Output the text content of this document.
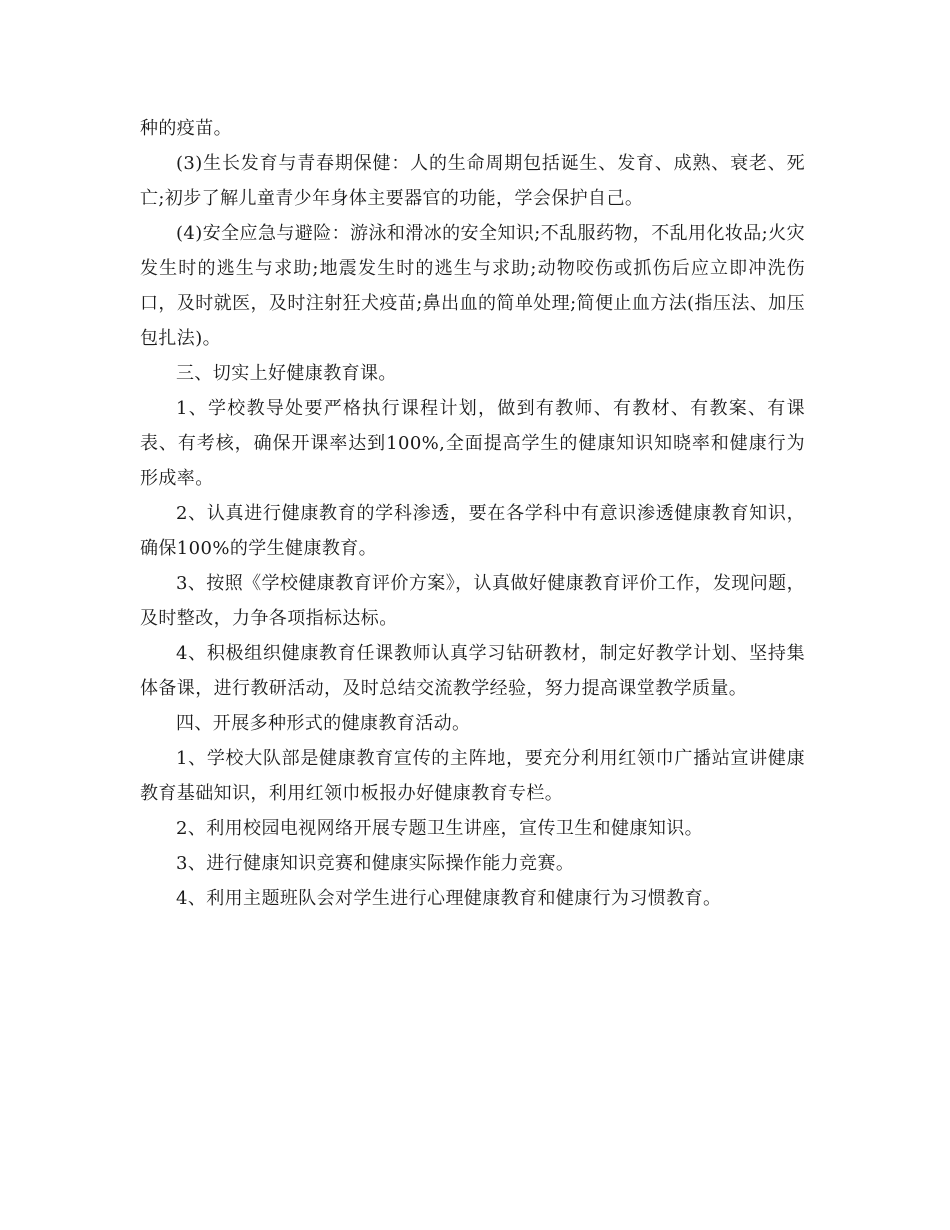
种的疫苗。

(3)生长发育与青春期保健：人的生命周期包括诞生、发育、成熟、衰老、死亡;初步了解儿童青少年身体主要器官的功能，学会保护自己。

(4)安全应急与避险：游泳和滑冰的安全知识;不乱服药物，不乱用化妆品;火灾发生时的逃生与求助;地震发生时的逃生与求助;动物咬伤或抓伤后应立即冲洗伤口，及时就医，及时注射狂犬疫苗;鼻出血的简单处理;简便止血方法(指压法、加压包扎法)。

三、切实上好健康教育课。

1、学校教导处要严格执行课程计划，做到有教师、有教材、有教案、有课表、有考核，确保开课率达到100%,全面提高学生的健康知识知晓率和健康行为形成率。

2、认真进行健康教育的学科渗透，要在各学科中有意识渗透健康教育知识，确保100%的学生健康教育。

3、按照《学校健康教育评价方案》，认真做好健康教育评价工作，发现问题，及时整改，力争各项指标达标。

4、积极组织健康教育任课教师认真学习钻研教材，制定好教学计划、坚持集体备课，进行教研活动，及时总结交流教学经验，努力提高课堂教学质量。

四、开展多种形式的健康教育活动。

1、学校大队部是健康教育宣传的主阵地，要充分利用红领巾广播站宣讲健康教育基础知识，利用红领巾板报办好健康教育专栏。

2、利用校园电视网络开展专题卫生讲座，宣传卫生和健康知识。

3、进行健康知识竞赛和健康实际操作能力竞赛。

4、利用主题班队会对学生进行心理健康教育和健康行为习惯教育。
